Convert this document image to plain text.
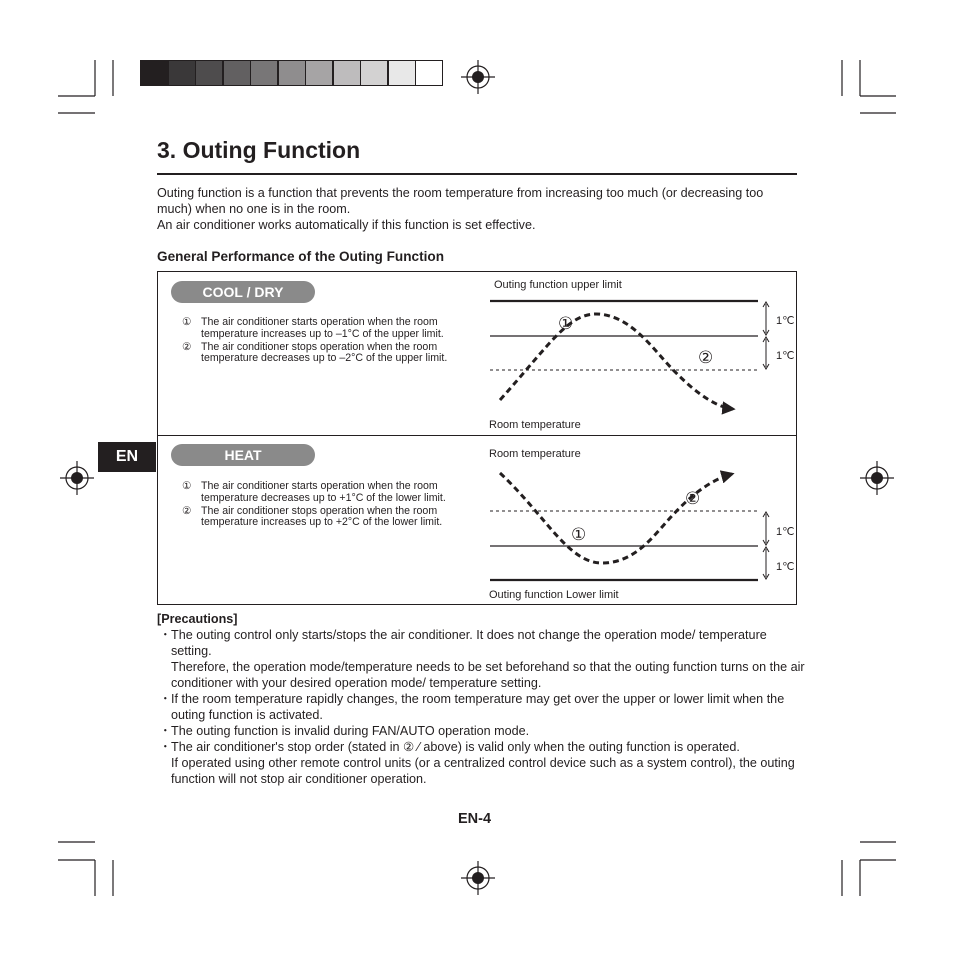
3. Outing Function

Outing function is a function that prevents the room temperature from increasing too much (or decreasing too much) when no one is in the room.

An air conditioner works automatically if this function is set effective.

General Performance of the Outing Function
EN
COOL / DRY
① The air conditioner starts operation when the room temperature increases up to –1°C of the upper limit.
② The air conditioner stops operation when the room temperature decreases up to –2°C of the upper limit.
Outing function upper limit
①
②
1℃
1℃
Room temperature
HEAT
① The air conditioner starts operation when the room temperature decreases up to +1°C of the lower limit.
② The air conditioner stops operation when the room temperature increases up to +2°C of the lower limit.
Room temperature
②
①	1℃
1℃
Outing function Lower limit
[Precautions]
・ The outing control only starts/stops the air conditioner. It does not change the operation mode/ temperature setting.
Therefore, the operation mode/temperature needs to be set beforehand so that the outing function turns on the air conditioner with your desired operation mode/ temperature setting.
・ If the room temperature rapidly changes, the room temperature may get over the upper or lower limit when the outing function is activated.
・ The outing function is invalid during FAN/AUTO operation mode.
・ The air conditioner's stop order (stated in ② ⁄ above) is valid only when the outing function is operated.
If operated using other remote control units (or a centralized control device such as a system control), the outing function will not stop air conditioner operation.
EN-4
